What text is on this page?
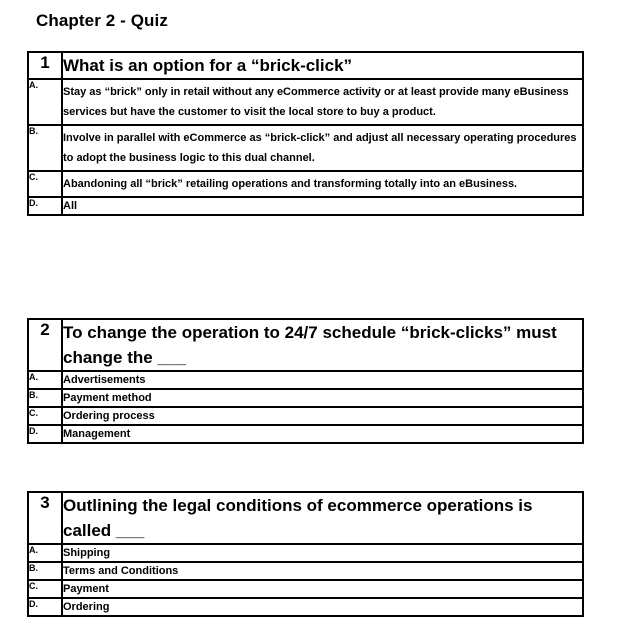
Chapter 2 - Quiz
1	What is an option for a “brick-click”
A.	Stay as “brick” only in retail without any eCommerce activity or at least provide many eBusiness services but have the customer to visit the local store to buy a product.
B.	Involve in parallel with eCommerce as “brick-click” and adjust all necessary operating procedures to adopt the business logic to this dual channel.
C.	Abandoning all “brick” retailing operations and transforming totally into an eBusiness.
D.	All
2	To change the operation to 24/7 schedule “brick-clicks” must change the ___
A.	Advertisements
B.	Payment method
C.	Ordering process
D.	Management
3	Outlining the legal conditions of ecommerce operations is called ___
A.	Shipping
B.	Terms and Conditions
C.	Payment
D.	Ordering
